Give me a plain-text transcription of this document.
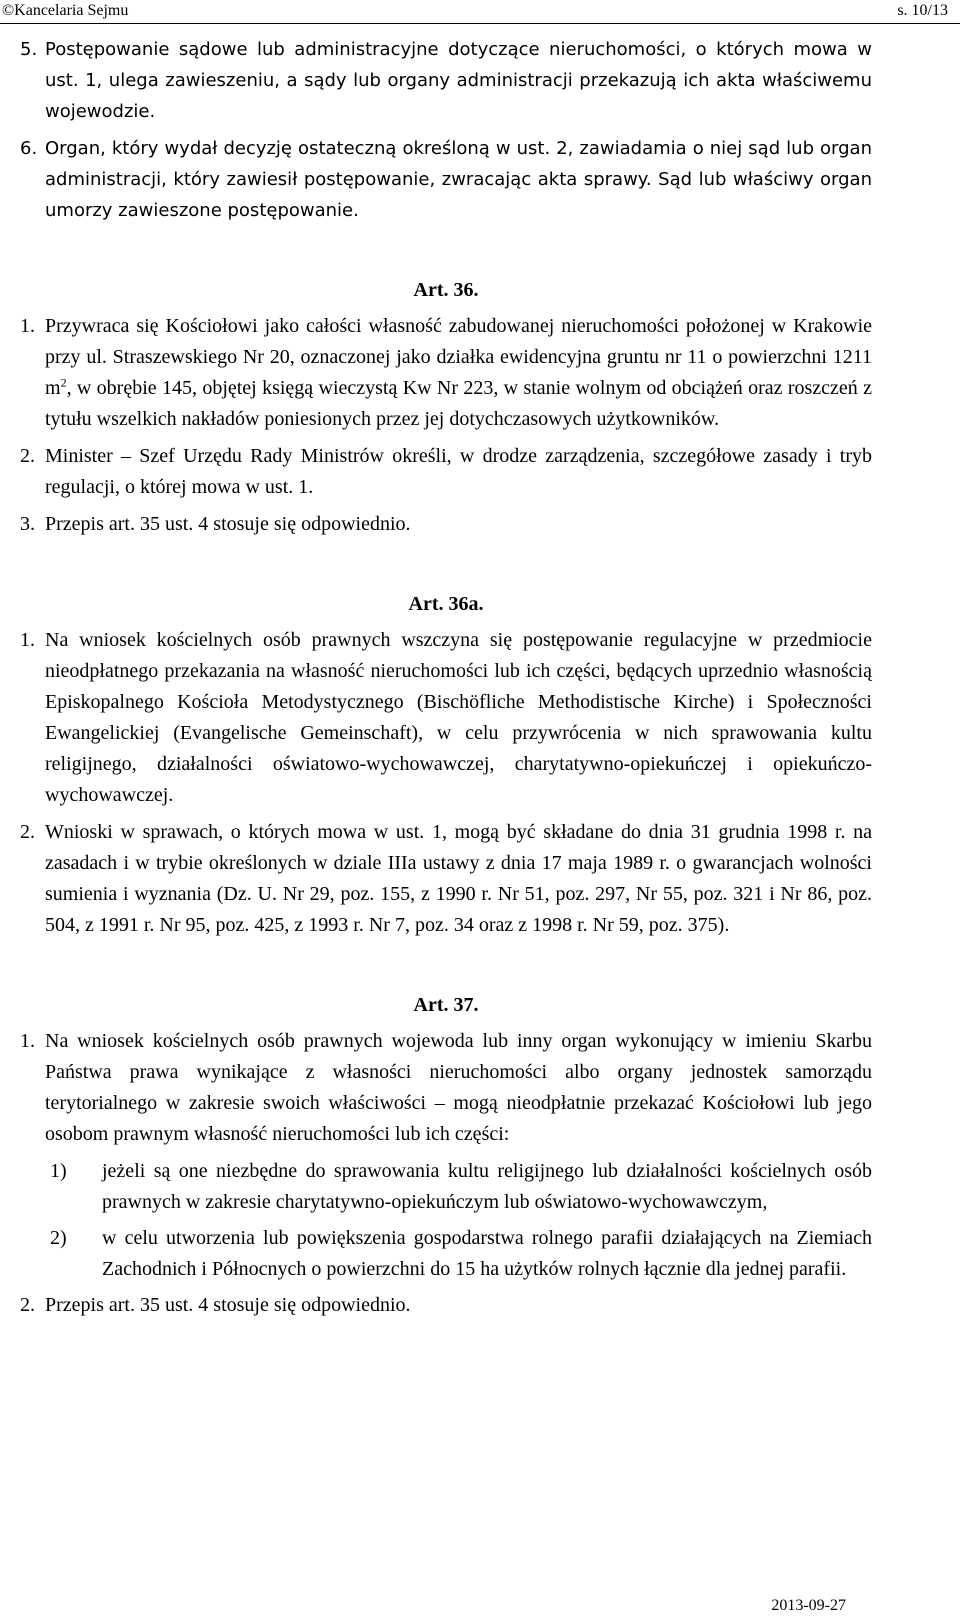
©Kancelaria Sejmu	s. 10/13

5. Postępowanie sądowe lub administracyjne dotyczące nieruchomości, o których mowa w ust. 1, ulega zawieszeniu, a sądy lub organy administracji przekazują ich akta właściwemu wojewodzie.

6. Organ, który wydał decyzję ostateczną określoną w ust. 2, zawiadamia o niej sąd lub organ administracji, który zawiesił postępowanie, zwracając akta sprawy. Sąd lub właściwy organ umorzy zawieszone postępowanie.

Art. 36.

1. Przywraca się Kościołowi jako całości własność zabudowanej nieruchomości położonej w Krakowie przy ul. Straszewskiego Nr 20, oznaczonej jako działka ewidencyjna gruntu nr 11 o powierzchni 1211 $m^2$, w obrębie 145, objętej księgą wieczystą Kw Nr 223, w stanie wolnym od obciążeń oraz roszczeń z tytułu wszelkich nakładów poniesionych przez jej dotychczasowych użytkowników.

2. Minister – Szef Urzędu Rady Ministrów określi, w drodze zarządzenia, szczegółowe zasady i tryb regulacji, o której mowa w ust. 1.

3. Przepis art. 35 ust. 4 stosuje się odpowiednio.

Art. 36a.

1. Na wniosek kościelnych osób prawnych wszczyna się postępowanie regulacyjne w przedmiocie nieodpłatnego przekazania na własność nieruchomości lub ich części, będących uprzednio własnością Episkopalnego Kościoła Metodystycznego (Bischöfliche Methodistische Kirche) i Społeczności Ewangelickiej (Evangelische Gemeinschaft), w celu przywrócenia w nich sprawowania kultu religijnego, działalności oświatowo-wychowawczej, charytatywno-opiekuńczej i opiekuńczo-wychowawczej.

2. Wnioski w sprawach, o których mowa w ust. 1, mogą być składane do dnia 31 grudnia 1998 r. na zasadach i w trybie określonych w dziale IIIa ustawy z dnia 17 maja 1989 r. o gwarancjach wolności sumienia i wyznania (Dz. U. Nr 29, poz. 155, z 1990 r. Nr 51, poz. 297, Nr 55, poz. 321 i Nr 86, poz. 504, z 1991 r. Nr 95, poz. 425, z 1993 r. Nr 7, poz. 34 oraz z 1998 r. Nr 59, poz. 375).

Art. 37.

1. Na wniosek kościelnych osób prawnych wojewoda lub inny organ wykonujący w imieniu Skarbu Państwa prawa wynikające z własności nieruchomości albo organy jednostek samorządu terytorialnego w zakresie swoich właściwości – mogą nieodpłatnie przekazać Kościołowi lub jego osobom prawnym własność nieruchomości lub ich części:

1) jeżeli są one niezbędne do sprawowania kultu religijnego lub działalności kościelnych osób prawnych w zakresie charytatywno-opiekuńczym lub oświatowo-wychowawczym,

2) w celu utworzenia lub powiększenia gospodarstwa rolnego parafii działających na Ziemiach Zachodnich i Północnych o powierzchni do 15 ha użytków rolnych łącznie dla jednej parafii.

2. Przepis art. 35 ust. 4 stosuje się odpowiednio.

2013-09-27
